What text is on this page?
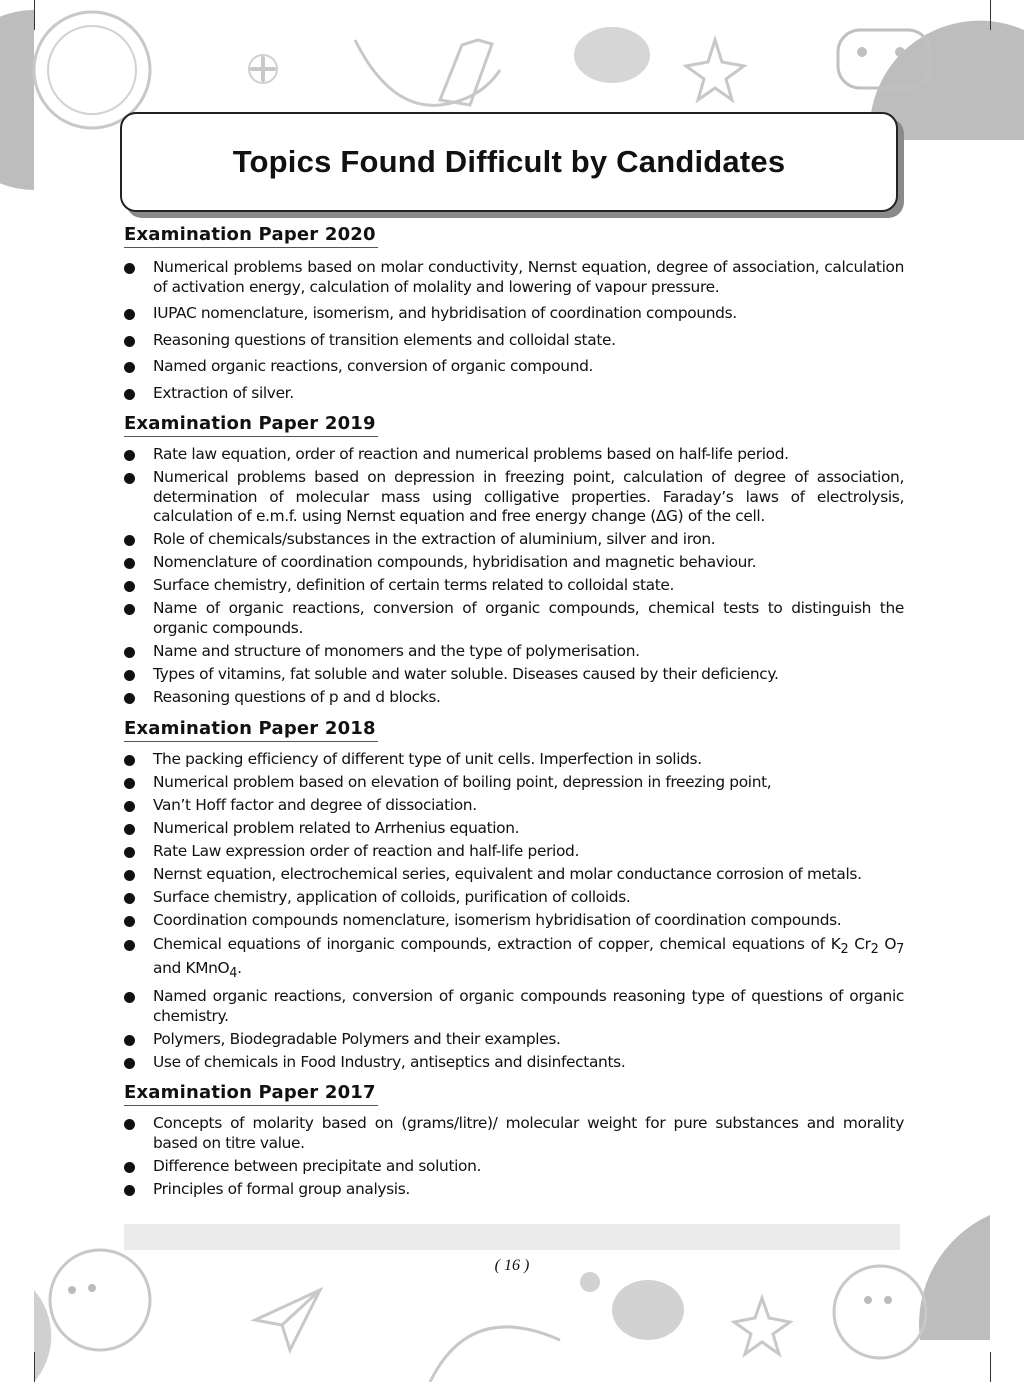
Topics Found Difficult by Candidates
Examination Paper 2020
Numerical problems based on molar conductivity, Nernst equation, degree of association, calculation of activation energy, calculation of molality and lowering of vapour pressure.
IUPAC nomenclature, isomerism, and hybridisation of coordination compounds.
Reasoning questions of transition elements and colloidal state.
Named organic reactions, conversion of organic compound.
Extraction of silver.
Examination Paper 2019
Rate law equation, order of reaction and numerical problems based on half-life period.
Numerical problems based on depression in freezing point, calculation of degree of association, determination of molecular mass using colligative properties. Faraday’s laws of electrolysis, calculation of e.m.f. using Nernst equation and free energy change (ΔG) of the cell.
Role of chemicals/substances in the extraction of aluminium, silver and iron.
Nomenclature of coordination compounds, hybridisation and magnetic behaviour.
Surface chemistry, definition of certain terms related to colloidal state.
Name of organic reactions, conversion of organic compounds, chemical tests to distinguish the organic compounds.
Name and structure of monomers and the type of polymerisation.
Types of vitamins, fat soluble and water soluble. Diseases caused by their deficiency.
Reasoning questions of p and d blocks.
Examination Paper 2018
The packing efficiency of different type of unit cells. Imperfection in solids.
Numerical problem based on elevation of boiling point, depression in freezing point,
Van’t Hoff factor and degree of dissociation.
Numerical problem related to Arrhenius equation.
Rate Law expression order of reaction and half-life period.
Nernst equation, electrochemical series, equivalent and molar conductance corrosion of metals.
Surface chemistry, application of colloids, purification of colloids.
Coordination compounds nomenclature, isomerism hybridisation of coordination compounds.
Chemical equations of inorganic compounds, extraction of copper, chemical equations of $K_2$ $Cr_2$ $O_7$ and KMnO$_4$.
Named organic reactions, conversion of organic compounds reasoning type of questions of organic chemistry.
Polymers, Biodegradable Polymers and their examples.
Use of chemicals in Food Industry, antiseptics and disinfectants.
Examination Paper 2017
Concepts of molarity based on (grams/litre)/ molecular weight for pure substances and morality based on titre value.
Difference between precipitate and solution.
Principles of formal group analysis.
( 16 )
